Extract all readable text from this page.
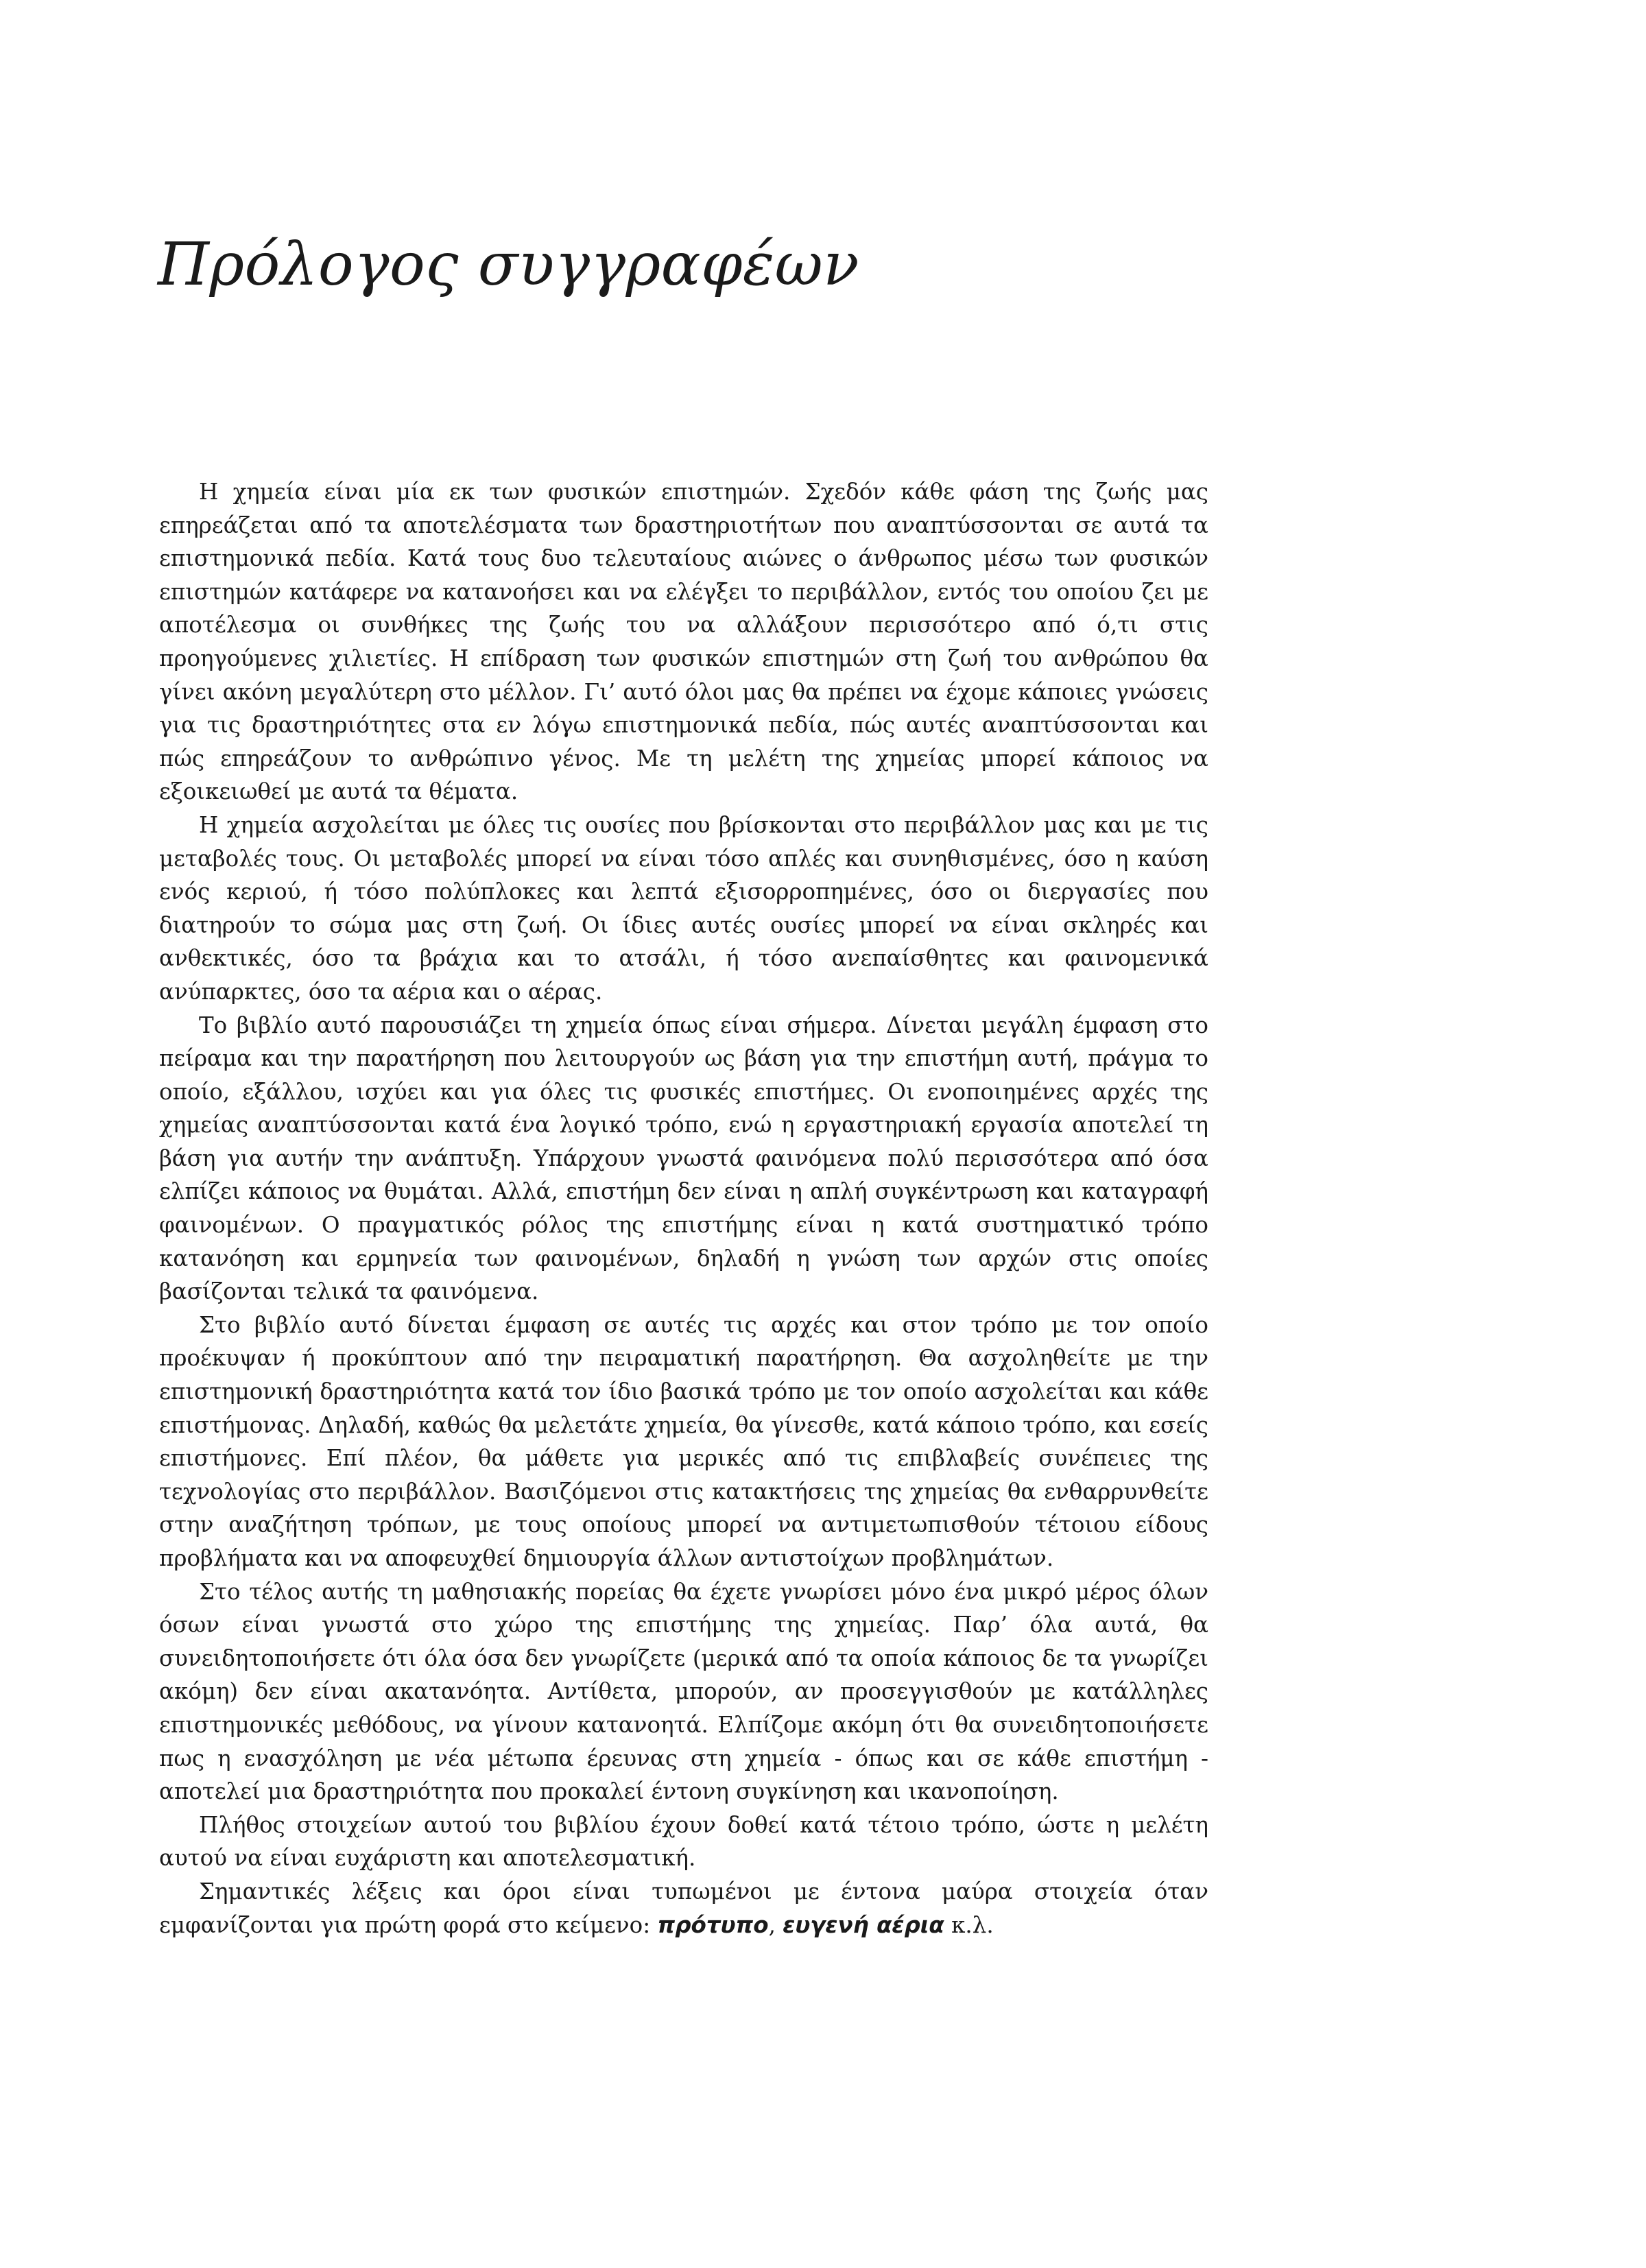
Πρόλογος συγγραφέων

Η χημεία είναι μία εκ των φυσικών επιστημών. Σχεδόν κάθε φάση της ζωής μας επηρεάζεται από τα αποτελέσματα των δραστηριοτήτων που αναπτύσσονται σε αυτά τα επιστημονικά πεδία. Κατά τους δυο τελευταίους αιώνες ο άνθρωπος μέσω των φυσικών επιστημών κατάφερε να κατανοήσει και να ελέγξει το περιβάλλον, εντός του οποίου ζει με αποτέλεσμα οι συνθήκες της ζωής του να αλλάξουν περισσότερο από ό,τι στις προηγούμενες χιλιετίες. Η επίδραση των φυσικών επιστημών στη ζωή του ανθρώπου θα γίνει ακόνη μεγαλύτερη στο μέλλον. Γι’ αυτό όλοι μας θα πρέπει να έχομε κάποιες γνώσεις για τις δραστηριότητες στα εν λόγω επιστημονικά πεδία, πώς αυτές αναπτύσσονται και πώς επηρεάζουν το ανθρώπινο γένος. Με τη μελέτη της χημείας μπορεί κάποιος να εξοικειωθεί με αυτά τα θέματα.

Η χημεία ασχολείται με όλες τις ουσίες που βρίσκονται στο περιβάλλον μας και με τις μεταβολές τους. Οι μεταβολές μπορεί να είναι τόσο απλές και συνηθισμένες, όσο η καύση ενός κεριού, ή τόσο πολύπλοκες και λεπτά εξισορροπημένες, όσο οι διεργασίες που διατηρούν το σώμα μας στη ζωή. Οι ίδιες αυτές ουσίες μπορεί να είναι σκληρές και ανθεκτικές, όσο τα βράχια και το ατσάλι, ή τόσο ανεπαίσθητες και φαινομενικά ανύπαρκτες, όσο τα αέρια και ο αέρας.

Το βιβλίο αυτό παρουσιάζει τη χημεία όπως είναι σήμερα. Δίνεται μεγάλη έμφαση στο πείραμα και την παρατήρηση που λειτουργούν ως βάση για την επιστήμη αυτή, πράγμα το οποίο, εξάλλου, ισχύει και για όλες τις φυσικές επιστήμες. Οι ενοποιημένες αρχές της χημείας αναπτύσσονται κατά ένα λογικό τρόπο, ενώ η εργαστηριακή εργασία αποτελεί τη βάση για αυτήν την ανάπτυξη. Υπάρχουν γνωστά φαινόμενα πολύ περισσότερα από όσα ελπίζει κάποιος να θυμάται. Αλλά, επιστήμη δεν είναι η απλή συγκέντρωση και καταγραφή φαινομένων. Ο πραγματικός ρόλος της επιστήμης είναι η κατά συστηματικό τρόπο κατανόηση και ερμηνεία των φαινομένων, δηλαδή η γνώση των αρχών στις οποίες βασίζονται τελικά τα φαινόμενα.

Στο βιβλίο αυτό δίνεται έμφαση σε αυτές τις αρχές και στον τρόπο με τον οποίο προέκυψαν ή προκύπτουν από την πειραματική παρατήρηση. Θα ασχοληθείτε με την επιστημονική δραστηριότητα κατά τον ίδιο βασικά τρόπο με τον οποίο ασχολείται και κάθε επιστήμονας. Δηλαδή, καθώς θα μελετάτε χημεία, θα γίνεσθε, κατά κάποιο τρόπο, και εσείς επιστήμονες. Επί πλέον, θα μάθετε για μερικές από τις επιβλαβείς συνέπειες της τεχνολογίας στο περιβάλλον. Βασιζόμενοι στις κατακτήσεις της χημείας θα ενθαρρυνθείτε στην αναζήτηση τρόπων, με τους οποίους μπορεί να αντιμετωπισθούν τέτοιου είδους προβλήματα και να αποφευχθεί δημιουργία άλλων αντιστοίχων προβλημάτων.

Στο τέλος αυτής τη μαθησιακής πορείας θα έχετε γνωρίσει μόνο ένα μικρό μέρος όλων όσων είναι γνωστά στο χώρο της επιστήμης της χημείας. Παρ’ όλα αυτά, θα συνειδητοποιήσετε ότι όλα όσα δεν γνωρίζετε (μερικά από τα οποία κάποιος δε τα γνωρίζει ακόμη) δεν είναι ακατανόητα. Αντίθετα, μπορούν, αν προσεγγισθούν με κατάλληλες επιστημονικές μεθόδους, να γίνουν κατανοητά. Ελπίζομε ακόμη ότι θα συνειδητοποιήσετε πως η ενασχόληση με νέα μέτωπα έρευνας στη χημεία - όπως και σε κάθε επιστήμη - αποτελεί μια δραστηριότητα που προκαλεί έντονη συγκίνηση και ικανοποίηση.

Πλήθος στοιχείων αυτού του βιβλίου έχουν δοθεί κατά τέτοιο τρόπο, ώστε η μελέτη αυτού να είναι ευχάριστη και αποτελεσματική.

Σημαντικές λέξεις και όροι είναι τυπωμένοι με έντονα μαύρα στοιχεία όταν εμφανίζονται για πρώτη φορά στο κείμενο: πρότυπο, ευγενή αέρια κ.λ.
